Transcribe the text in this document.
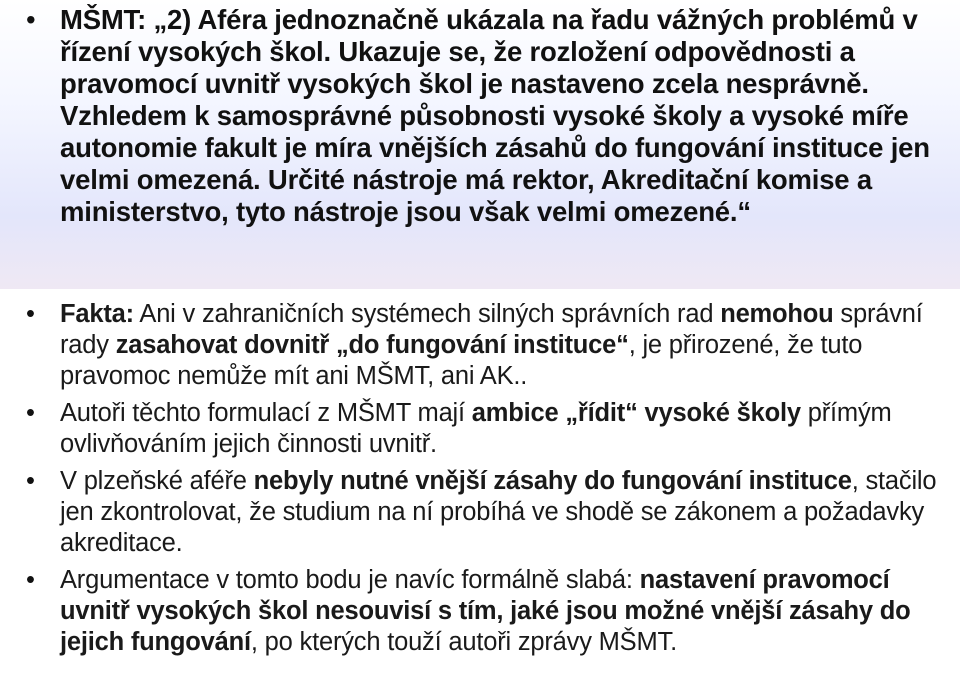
• MŠMT: „2) Aféra jednoznačně ukázala na řadu vážných problémů v řízení vysokých škol. Ukazuje se, že rozložení odpovědnosti a pravomocí uvnitř vysokých škol je nastaveno zcela nesprávně. Vzhledem k samosprávné působnosti vysoké školy a vysoké míře autonomie fakult je míra vnějších zásahů do fungování instituce jen velmi omezená. Určité nástroje má rektor, Akreditační komise a ministerstvo, tyto nástroje jsou však velmi omezené.“
• Fakta: Ani v zahraničních systémech silných správních rad nemohou správní rady zasahovat dovnitř „do fungování instituce“, je přirozené, že tuto pravomoc nemůže mít ani MŠMT, ani AK..
• Autoři těchto formulací z MŠMT mají ambice „řídit“ vysoké školy přímým ovlivňováním jejich činnosti uvnitř.
• V plzeňské aféře nebyly nutné vnější zásahy do fungování instituce, stačilo jen zkontrolovat, že studium na ní probíhá ve shodě se zákonem a požadavky akreditace.
• Argumentace v tomto bodu je navíc formálně slabá: nastavení pravomocí uvnitř vysokých škol nesouvisí s tím, jaké jsou možné vnější zásahy do jejich fungování, po kterých touží autoři zprávy MŠMT.
